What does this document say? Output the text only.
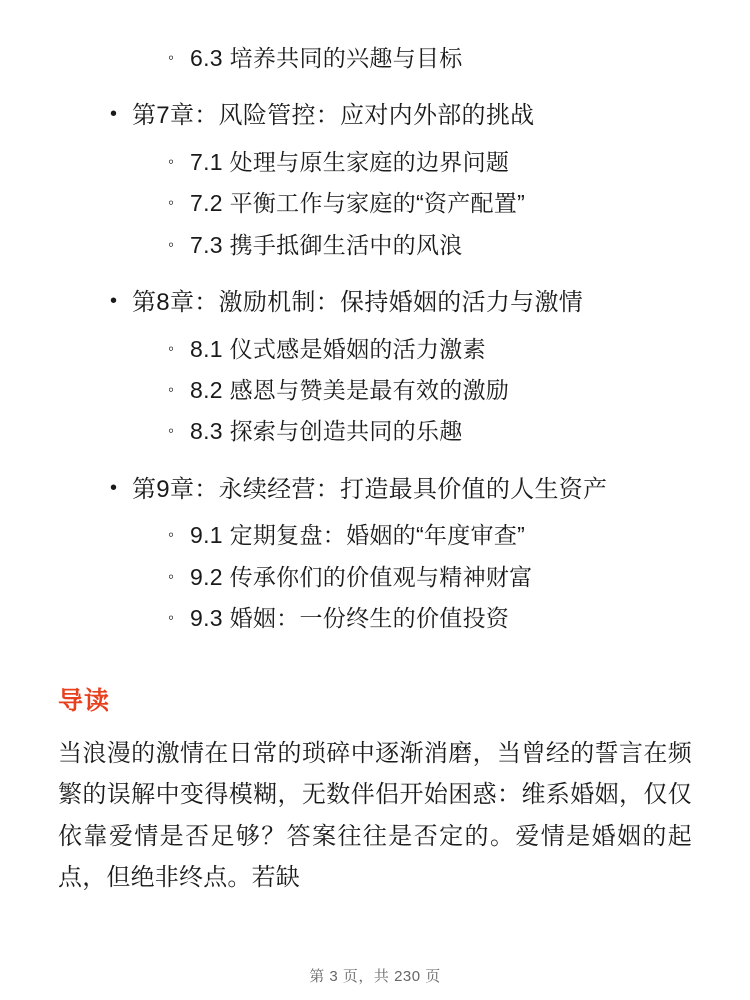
◦
6.3 培养共同的兴趣与目标
•
第7章：风险管控：应对内外部的挑战
◦
7.1 处理与原生家庭的边界问题
◦
7.2 平衡工作与家庭的“资产配置”
◦
7.3 携手抵御生活中的风浪
•
第8章：激励机制：保持婚姻的活力与激情
◦
8.1 仪式感是婚姻的活力激素
◦
8.2 感恩与赞美是最有效的激励
◦
8.3 探索与创造共同的乐趣
•
第9章：永续经营：打造最具价值的人生资产
◦
9.1 定期复盘：婚姻的“年度审查”
◦
9.2 传承你们的价值观与精神财富
◦
9.3 婚姻：一份终生的价值投资
导读

当浪漫的激情在日常的琐碎中逐渐消磨，当曾经的誓言在频繁的误解中变得模糊，无数伴侣开始困惑：维系婚姻，仅仅依靠爱情是否足够？答案往往是否定的。爱情是婚姻的起点，但绝非终点。若缺

第 3 页，共 230 页
